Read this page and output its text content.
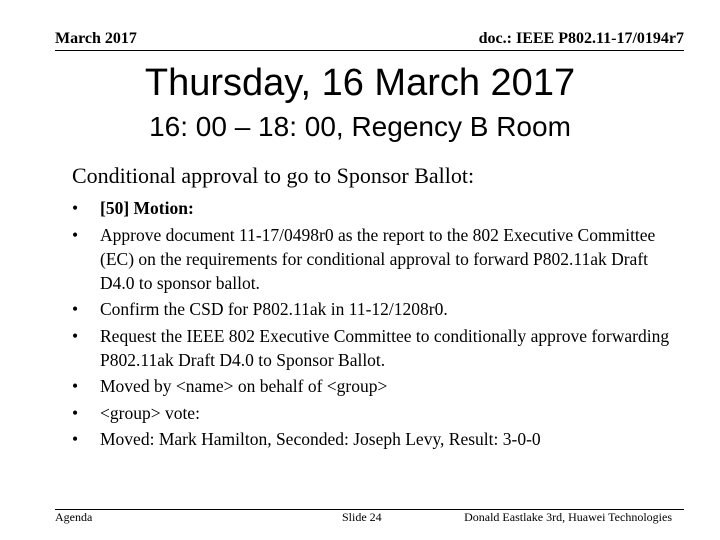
March 2017	doc.: IEEE P802.11-17/0194r7
Thursday, 16 March 2017
16: 00 – 18: 00, Regency B Room
Conditional approval to go to Sponsor Ballot:
• [50] Motion:
• Approve document 11-17/0498r0 as the report to the 802 Executive Committee (EC) on the requirements for conditional approval to forward P802.11ak Draft D4.0 to sponsor ballot.
• Confirm the CSD for P802.11ak in 11-12/1208r0.
• Request the IEEE 802 Executive Committee to conditionally approve forwarding P802.11ak Draft D4.0 to Sponsor Ballot.
• Moved by <name> on behalf of <group>
• <group> vote:
• Moved: Mark Hamilton, Seconded: Joseph Levy, Result: 3-0-0
Agenda	Slide 24	Donald Eastlake 3rd, Huawei Technologies
